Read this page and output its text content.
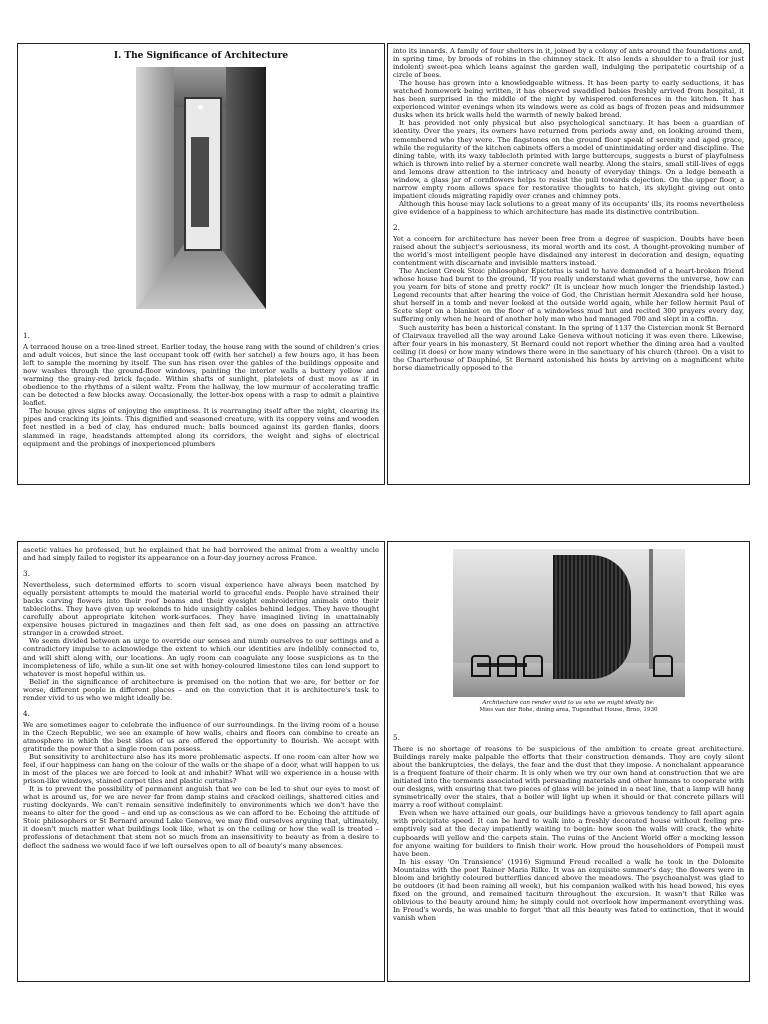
I. The Significance of Architecture
1.

A terraced house on a tree-lined street. Earlier today, the house rang with the sound of children's cries and adult voices, but since the last occupant took off (with her satchel) a few hours ago, it has been left to sample the morning by itself. The sun has risen over the gables of the buildings opposite and now washes through the ground-floor windows, painting the interior walls a buttery yellow and warming the grainy-red brick façade. Within shafts of sunlight, platelets of dust move as if in obedience to the rhythms of a silent waltz. From the hallway, the low murmur of accelerating traffic can be detected a few blocks away. Occasionally, the letter-box opens with a rasp to admit a plaintive leaflet.

The house gives signs of enjoying the emptiness. It is rearranging itself after the night, clearing its pipes and cracking its joints. This dignified and seasoned creature, with its coppery veins and wooden feet nestled in a bed of clay, has endured much: balls bounced against its garden flanks, doors slammed in rage, headstands attempted along its corridors, the weight and sighs of electrical equipment and the probings of inexperienced plumbers

into its innards. A family of four shelters in it, joined by a colony of ants around the foundations and, in spring time, by broods of robins in the chimney stack. It also lends a shoulder to a frail (or just indolent) sweet-pea which leans against the garden wall, indulging the peripatetic courtship of a circle of bees.

The house has grown into a knowledgeable witness. It has been party to early seductions, it has watched homework being written, it has observed swaddled babies freshly arrived from hospital, it has been surprised in the middle of the night by whispered conferences in the kitchen. It has experienced winter evenings when its windows were as cold as bags of frozen peas and midsummer dusks when its brick walls held the warmth of newly baked bread.

It has provided not only physical but also psychological sanctuary. It has been a guardian of identity. Over the years, its owners have returned from periods away and, on looking around them, remembered who they were. The flagstones on the ground floor speak of serenity and aged grace, while the regularity of the kitchen cabinets offers a model of unintimidating order and discipline. The dining table, with its waxy tablecloth printed with large buttercups, suggests a burst of playfulness which is thrown into relief by a sterner concrete wall nearby. Along the stairs, small still-lives of eggs and lemons draw attention to the intricacy and beauty of everyday things. On a ledge beneath a window, a glass jar of cornflowers helps to resist the pull towards dejection. On the upper floor, a narrow empty room allows space for restorative thoughts to hatch, its skylight giving out onto impatient clouds migrating rapidly over cranes and chimney pots.

Although this house may lack solutions to a great many of its occupants' ills, its rooms nevertheless give evidence of a happiness to which architecture has made its distinctive contribution.

2.

Yet a concern for architecture has never been free from a degree of suspicion. Doubts have been raised about the subject's seriousness, its moral worth and its cost. A thought-provoking number of the world's most intelligent people have disdained any interest in decoration and design, equating contentment with discarnate and invisible matters instead.

The Ancient Greek Stoic philosopher Epictetus is said to have demanded of a heart-broken friend whose house had burnt to the ground, 'If you really understand what governs the universe, how can you yearn for bits of stone and pretty rock?' (It is unclear how much longer the friendship lasted.) Legend recounts that after hearing the voice of God, the Christian hermit Alexandra sold her house, shut herself in a tomb and never looked at the outside world again, while her fellow hermit Paul of Scete slept on a blanket on the floor of a windowless mud hut and recited 300 prayers every day, suffering only when he heard of another holy man who had managed 700 and slept in a coffin.

Such austerity has been a historical constant. In the spring of 1137 the Cistercian monk St Bernard of Clairvaux travelled all the way around Lake Geneva without noticing it was even there. Likewise, after four years in his monastery, St Bernard could not report whether the dining area had a vaulted ceiling (it does) or how many windows there were in the sanctuary of his church (three). On a visit to the Charterhouse of Dauphiné, St Bernard astonished his hosts by arriving on a magnificent white horse diametrically opposed to the

ascetic values he professed, but he explained that he had borrowed the animal from a wealthy uncle and had simply failed to register its appearance on a four-day journey across France.

3.

Nevertheless, such determined efforts to scorn visual experience have always been matched by equally persistent attempts to mould the material world to graceful ends. People have strained their backs carving flowers into their roof beams and their eyesight embroidering animals onto their tablecloths. They have given up weekends to hide unsightly cables behind ledges. They have thought carefully about appropriate kitchen work-surfaces. They have imagined living in unattainably expensive houses pictured in magazines and then felt sad, as one does on passing an attractive stranger in a crowded street.

We seem divided between an urge to override our senses and numb ourselves to our settings and a contradictory impulse to acknowledge the extent to which our identities are indelibly connected to, and will shift along with, our locations. An ugly room can coagulate any loose suspicions as to the incompleteness of life, while a sun-lit one set with honey-coloured limestone tiles can lend support to whatever is most hopeful within us.

Belief in the significance of architecture is premised on the notion that we are, for better or for worse, different people in different places – and on the conviction that it is architecture's task to render vivid to us who we might ideally be.

4.

We are sometimes eager to celebrate the influence of our surroundings. In the living room of a house in the Czech Republic, we see an example of how walls, chairs and floors can combine to create an atmosphere in which the best sides of us are offered the opportunity to flourish. We accept with gratitude the power that a single room can possess.

But sensitivity to architecture also has its more problematic aspects. If one room can alter how we feel, if our happiness can hang on the colour of the walls or the shape of a door, what will happen to us in most of the places we are forced to look at and inhabit? What will we experience in a house with prison-like windows, stained carpet tiles and plastic curtains?

It is to prevent the possibility of permanent anguish that we can be led to shut our eyes to most of what is around us, for we are never far from damp stains and cracked ceilings, shattered cities and rusting dockyards. We can't remain sensitive indefinitely to environments which we don't have the means to alter for the good – and end up as conscious as we can afford to be. Echoing the attitude of Stoic philosophers or St Bernard around Lake Geneva, we may find ourselves arguing that, ultimately, it doesn't much matter what buildings look like, what is on the ceiling or how the wall is treated – professions of detachment that stem not so much from an insensitivity to beauty as from a desire to deflect the sadness we would face if we left ourselves open to all of beauty's many absences.

Architecture can render vivid to us who we might ideally be:
Mies van der Rohe, dining area, Tugendhat House, Brno, 1930
5.

There is no shortage of reasons to be suspicious of the ambition to create great architecture. Buildings rarely make palpable the efforts that their construction demands. They are coyly silent about the bankruptcies, the delays, the fear and the dust that they impose. A nonchalant appearance is a frequent feature of their charm. It is only when we try our own hand at construction that we are initiated into the torments associated with persuading materials and other humans to cooperate with our designs, with ensuring that two pieces of glass will be joined in a neat line, that a lamp will hang symmetrically over the stairs, that a boiler will light up when it should or that concrete pillars will marry a roof without complaint.

Even when we have attained our goals, our buildings have a grievous tendency to fall apart again with precipitate speed. It can be hard to walk into a freshly decorated house without feeling pre-emptively sad at the decay impatiently waiting to begin: how soon the walls will crack, the white cupboards will yellow and the carpets stain. The ruins of the Ancient World offer a mocking lesson for anyone waiting for builders to finish their work. How proud the householders of Pompeii must have been.

In his essay 'On Transience' (1916) Sigmund Freud recalled a walk he took in the Dolomite Mountains with the poet Rainer Maria Rilke. It was an exquisite summer's day; the flowers were in bloom and brightly coloured butterflies danced above the meadows. The psychoanalyst was glad to be outdoors (it had been raining all week), but his companion walked with his head bowed, his eyes fixed on the ground, and remained taciturn throughout the excursion. It wasn't that Rilke was oblivious to the beauty around him; he simply could not overlook how impermanent everything was. In Freud's words, he was unable to forget 'that all this beauty was fated to extinction, that it would vanish when
